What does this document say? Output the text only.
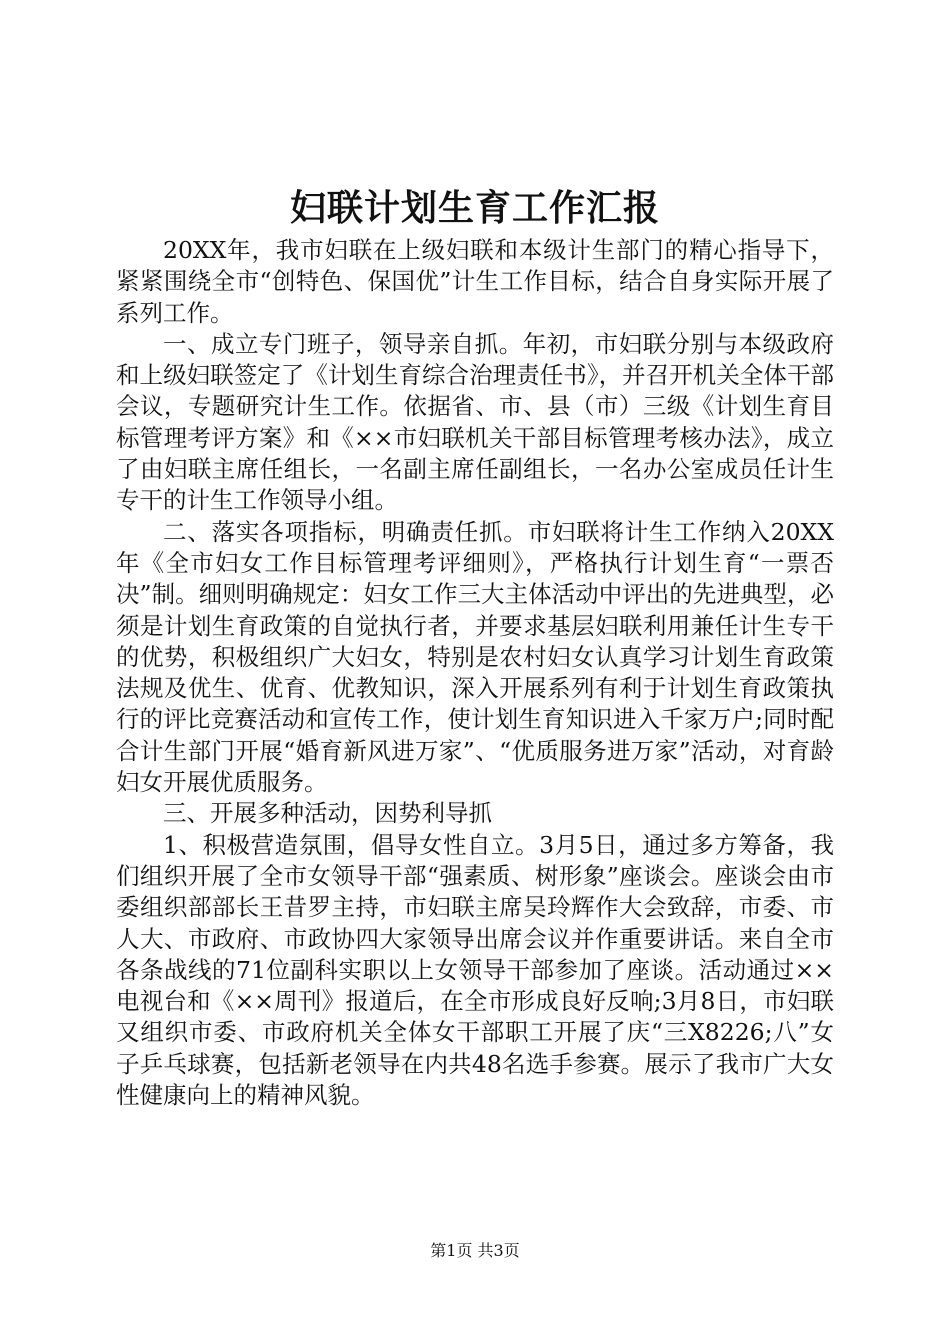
妇联计划生育工作汇报

20XX年，我市妇联在上级妇联和本级计生部门的精心指导下，紧紧围绕全市“创特色、保国优”计生工作目标，结合自身实际开展了系列工作。

一、成立专门班子，领导亲自抓。年初，市妇联分别与本级政府和上级妇联签定了《计划生育综合治理责任书》，并召开机关全体干部会议，专题研究计生工作。依据省、市、县（市）三级《计划生育目标管理考评方案》和《××市妇联机关干部目标管理考核办法》，成立了由妇联主席任组长，一名副主席任副组长，一名办公室成员任计生专干的计生工作领导小组。

二、落实各项指标，明确责任抓。市妇联将计生工作纳入20XX年《全市妇女工作目标管理考评细则》，严格执行计划生育“一票否决”制。细则明确规定：妇女工作三大主体活动中评出的先进典型，必须是计划生育政策的自觉执行者，并要求基层妇联利用兼任计生专干的优势，积极组织广大妇女，特别是农村妇女认真学习计划生育政策法规及优生、优育、优教知识，深入开展系列有利于计划生育政策执行的评比竞赛活动和宣传工作，使计划生育知识进入千家万户;同时配合计生部门开展“婚育新风进万家”、“优质服务进万家”活动，对育龄妇女开展优质服务。

三、开展多种活动，因势利导抓

1、积极营造氛围，倡导女性自立。3月5日，通过多方筹备，我们组织开展了全市女领导干部“强素质、树形象”座谈会。座谈会由市委组织部部长王昔罗主持，市妇联主席吴玲辉作大会致辞，市委、市人大、市政府、市政协四大家领导出席会议并作重要讲话。来自全市各条战线的71位副科实职以上女领导干部参加了座谈。活动通过××电视台和《××周刊》报道后，在全市形成良好反响;3月8日，市妇联又组织市委、市政府机关全体女干部职工开展了庆“三X8226;八”女子乒乓球赛，包括新老领导在内共48名选手参赛。展示了我市广大女性健康向上的精神风貌。

第1页 共3页
